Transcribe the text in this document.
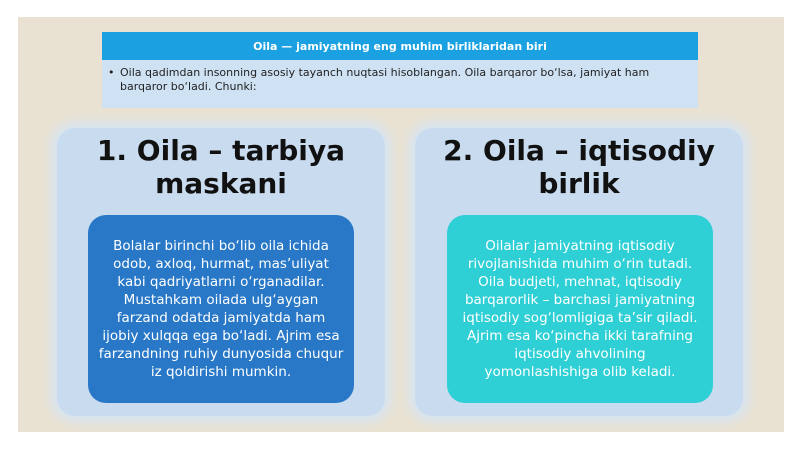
Oila — jamiyatning eng muhim birliklaridan biri
• Oila qadimdan insonning asosiy tayanch nuqtasi hisoblangan. Oila barqaror bo‘lsa, jamiyat ham barqaror bo‘ladi. Chunki:
1. Oila – tarbiya maskani
2. Oila – iqtisodiy birlik
Bolalar birinchi bo‘lib oila ichida odob, axloq, hurmat, mas’uliyat kabi qadriyatlarni o‘rganadilar. Mustahkam oilada ulg‘aygan farzand odatda jamiyatda ham ijobiy xulqqa ega bo‘ladi. Ajrim esa farzandning ruhiy dunyosida chuqur iz qoldirishi mumkin.
Oilalar jamiyatning iqtisodiy rivojlanishida muhim o‘rin tutadi. Oila budjeti, mehnat, iqtisodiy barqarorlik – barchasi jamiyatning iqtisodiy sog‘lomligiga ta’sir qiladi. Ajrim esa ko‘pincha ikki tarafning iqtisodiy ahvolining yomonlashishiga olib keladi.
